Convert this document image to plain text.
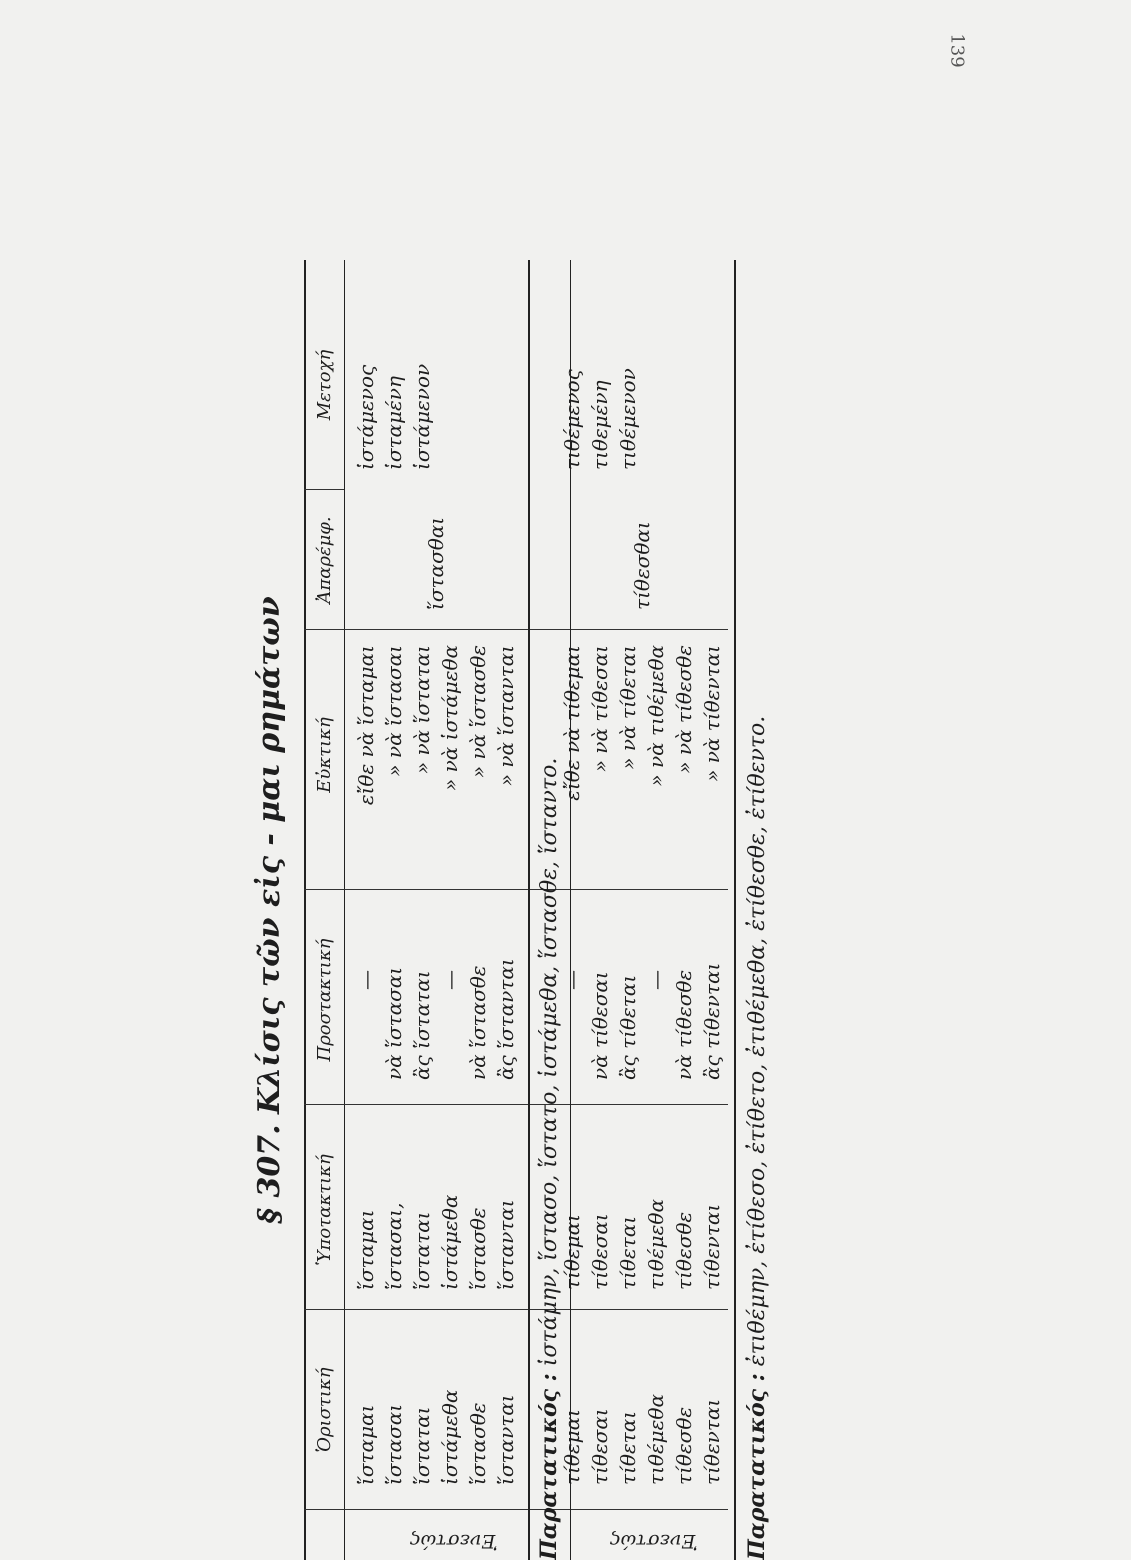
139
§ 307. Κλίσις τῶν εἰς - μαι ρημάτων
Ὁριστική
Ὑποτακτική
Προστακτική
Εὐκτική
Ἀπαρέμφ.
Μετοχή
Ἐνεστώς
ἵσταμαι ἵστασαι ἵσταται ἱστάμεθα ἵστασθε ἵστανται
ἵσταμαι ἵστασαι, ἵσταται ἱστάμεθα ἵστασθε ἵστανται
— νὰ ἵστασαι ἂς ἵσταται — νὰ ἵστασθε ἂς ἵστανται
εἴθε νὰ ἵσταμαι » νὰ ἵστασαι » νὰ ἵσταται » νὰ ἱστάμεθα » νὰ ἵστασθε » νὰ ἵστανται
ἵστασθαι
ἱστάμενος ἱσταμένη ἱστάμενον
Παρατατικός : ἱστάμην, ἵστασο, ἵστατο, ἱστάμεθα, ἵστασθε, ἵσταντο.
Ἐνεστώς
τίθεμαι τίθεσαι τίθεται τιθέμεθα τίθεσθε τίθενται
τίθεμαι τίθεσαι τίθεται τιθέμεθα τίθεσθε τίθενται
— νὰ τίθεσαι ἂς τίθεται — νὰ τίθεσθε ἂς τίθενται
εἴθε νὰ τίθεμαι » νὰ τίθεσαι » νὰ τίθεται » νὰ τιθέμεθα » νὰ τίθεσθε » νὰ τίθενται
τίθεσθαι
τιθέμενος τιθεμένη τιθέμενον
Παρατατικός : ἐτιθέμην, ἐτίθεσο, ἐτίθετο, ἐτιθέμεθα, ἐτίθεσθε, ἐτίθεντο.
